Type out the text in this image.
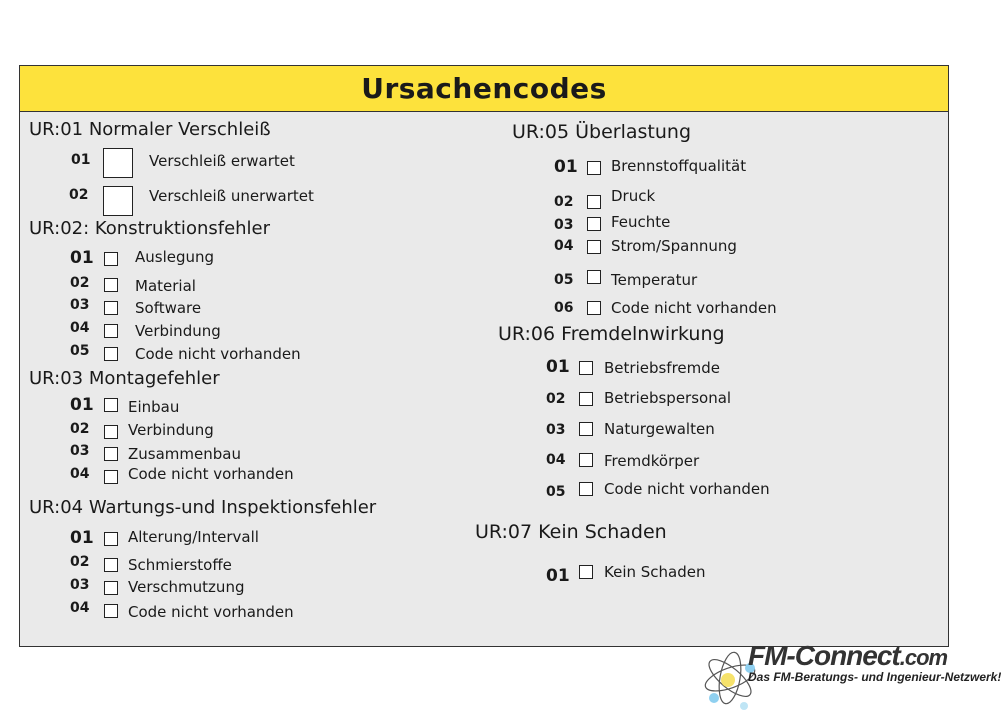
Ursachencodes
UR:01 Normaler Verschleiß
01	Verschleiß erwartet
02	Verschleiß unerwartet
UR:02: Konstruktionsfehler
01	Auslegung
02	Material
03	Software
04	Verbindung
05	Code nicht vorhanden
UR:03 Montagefehler
01 Einbau
02	Verbindung
03	Zusammenbau
04	Code nicht vorhanden
UR:04 Wartungs-und Inspektionsfehler
01 Alterung/Intervall
02	Schmierstoffe
03	Verschmutzung
04	Code nicht vorhanden
UR:05 Überlastung
01 Brennstoffqualität
02	Druck
03	Feuchte
04	Strom/Spannung
05	Temperatur
06	Code nicht vorhanden
UR:06 Fremdelnwirkung
01 Betriebsfremde
02	Betriebspersonal
03	Naturgewalten
04	Fremdkörper
05	Code nicht vorhanden
UR:07 Kein Schaden
01 Kein Schaden
FM-Connect.com
Das FM-Beratungs- und Ingenieur-Netzwerk!
